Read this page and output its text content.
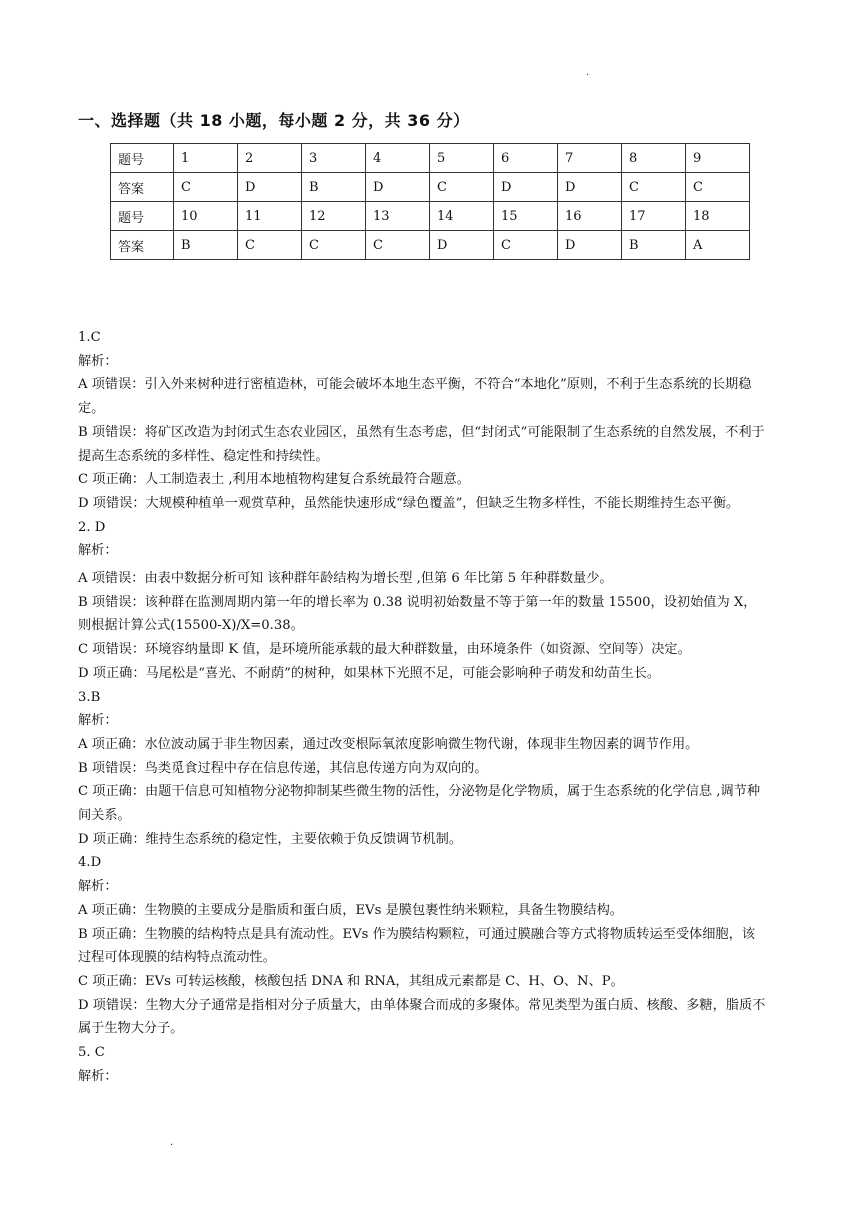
·
一、选择题（共 18 小题，每小题 2 分，共 36 分）
题号	1	2	3	4	5	6	7	8	9
答案	C	D	B	D	C	D	D	C	C
题号	10	11	12	13	14	15	16	17	18
答案	B	C	C	C	D	C	D	B	A

1.C

解析：

A 项错误：引入外来树种进行密植造林，可能会破坏本地生态平衡，不符合“本地化”原则，不利于生态系统的长期稳定。

B 项错误：将矿区改造为封闭式生态农业园区，虽然有生态考虑，但“封闭式”可能限制了生态系统的自然发展，不利于提高生态系统的多样性、稳定性和持续性。

C 项正确：人工制造表土 ,利用本地植物构建复合系统最符合题意。

D 项错误：大规模种植单一观赏草种，虽然能快速形成“绿色覆盖”，但缺乏生物多样性，不能长期维持生态平衡。

2. D

解析：

A 项错误：由表中数据分析可知 该种群年龄结构为增长型 ,但第 6 年比第 5 年种群数量少。

B 项错误：该种群在监测周期内第一年的增长率为 0.38 说明初始数量不等于第一年的数量 15500，设初始值为 X，则根据计算公式(15500-X)/X=0.38。

C 项错误：环境容纳量即 K 值，是环境所能承载的最大种群数量，由环境条件（如资源、空间等）决定。

D 项正确：马尾松是“喜光、不耐荫”的树种，如果林下光照不足，可能会影响种子萌发和幼苗生长。

3.B

解析：

A 项正确：水位波动属于非生物因素，通过改变根际氧浓度影响微生物代谢，体现非生物因素的调节作用。

B 项错误：鸟类觅食过程中存在信息传递，其信息传递方向为双向的。

C 项正确：由题干信息可知植物分泌物抑制某些微生物的活性，分泌物是化学物质，属于生态系统的化学信息 ,调节种间关系。

D 项正确：维持生态系统的稳定性，主要依赖于负反馈调节机制。

4.D

解析：

A 项正确：生物膜的主要成分是脂质和蛋白质，EVs 是膜包裹性纳米颗粒，具备生物膜结构。

B 项正确：生物膜的结构特点是具有流动性。EVs 作为膜结构颗粒，可通过膜融合等方式将物质转运至受体细胞，该过程可体现膜的结构特点流动性。

C 项正确：EVs 可转运核酸，核酸包括 DNA 和 RNA，其组成元素都是 C、H、O、N、P。

D 项错误：生物大分子通常是指相对分子质量大，由单体聚合而成的多聚体。常见类型为蛋白质、核酸、多糖，脂质不属于生物大分子。

5. C

解析：

·
